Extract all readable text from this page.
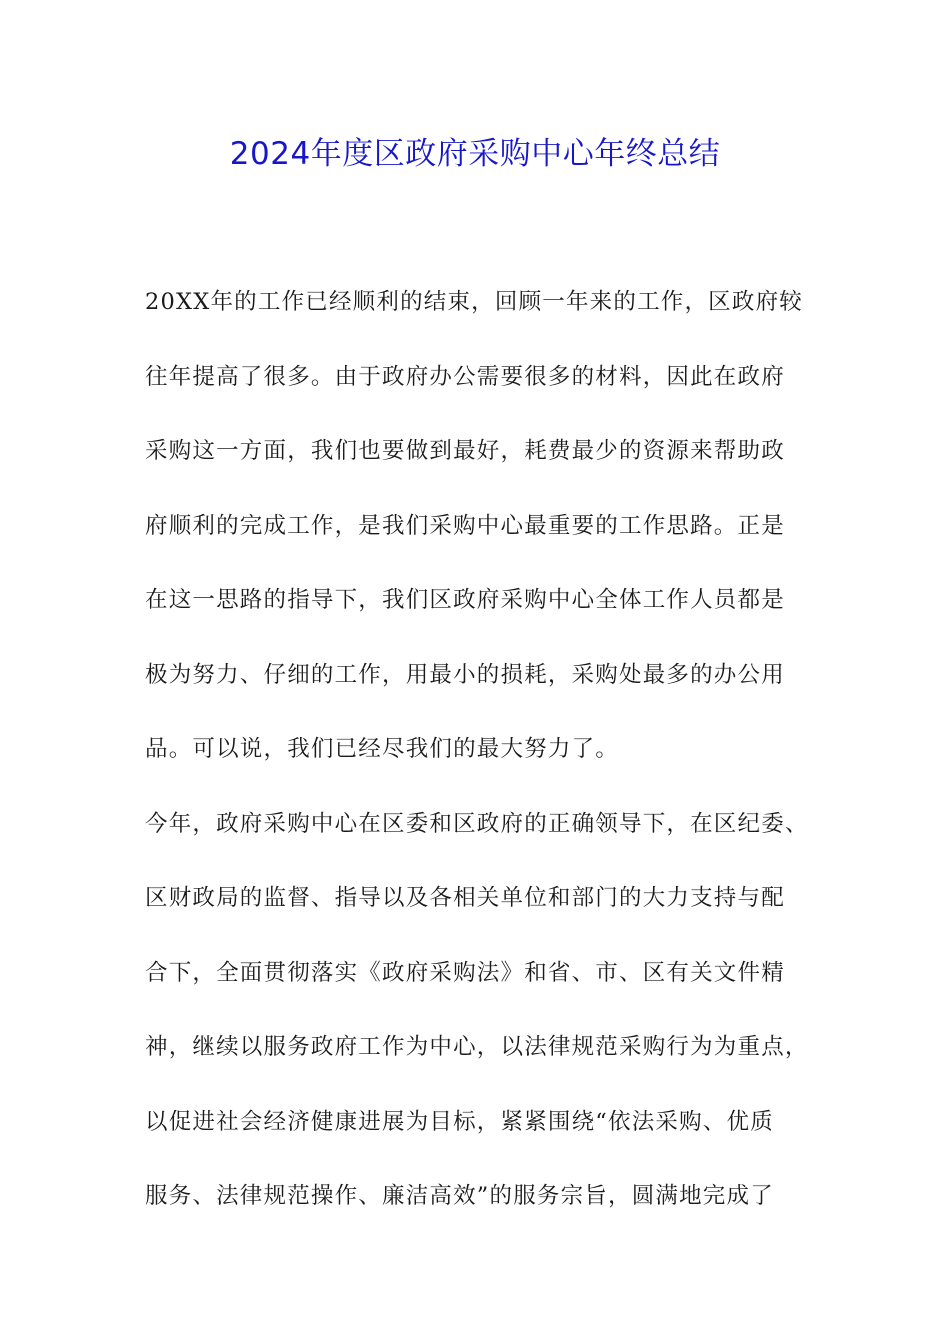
2024年度区政府采购中心年终总结
20XX年的工作已经顺利的结束，回顾一年来的工作，区政府较
往年提高了很多。由于政府办公需要很多的材料，因此在政府
采购这一方面，我们也要做到最好，耗费最少的资源来帮助政
府顺利的完成工作，是我们采购中心最重要的工作思路。正是
在这一思路的指导下，我们区政府采购中心全体工作人员都是
极为努力、仔细的工作，用最小的损耗，采购处最多的办公用
品。可以说，我们已经尽我们的最大努力了。
今年，政府采购中心在区委和区政府的正确领导下，在区纪委、
区财政局的监督、指导以及各相关单位和部门的大力支持与配
合下，全面贯彻落实《政府采购法》和省、市、区有关文件精
神，继续以服务政府工作为中心，以法律规范采购行为为重点，
以促进社会经济健康进展为目标，紧紧围绕“依法采购、优质
服务、法律规范操作、廉洁高效”的服务宗旨，圆满地完成了
